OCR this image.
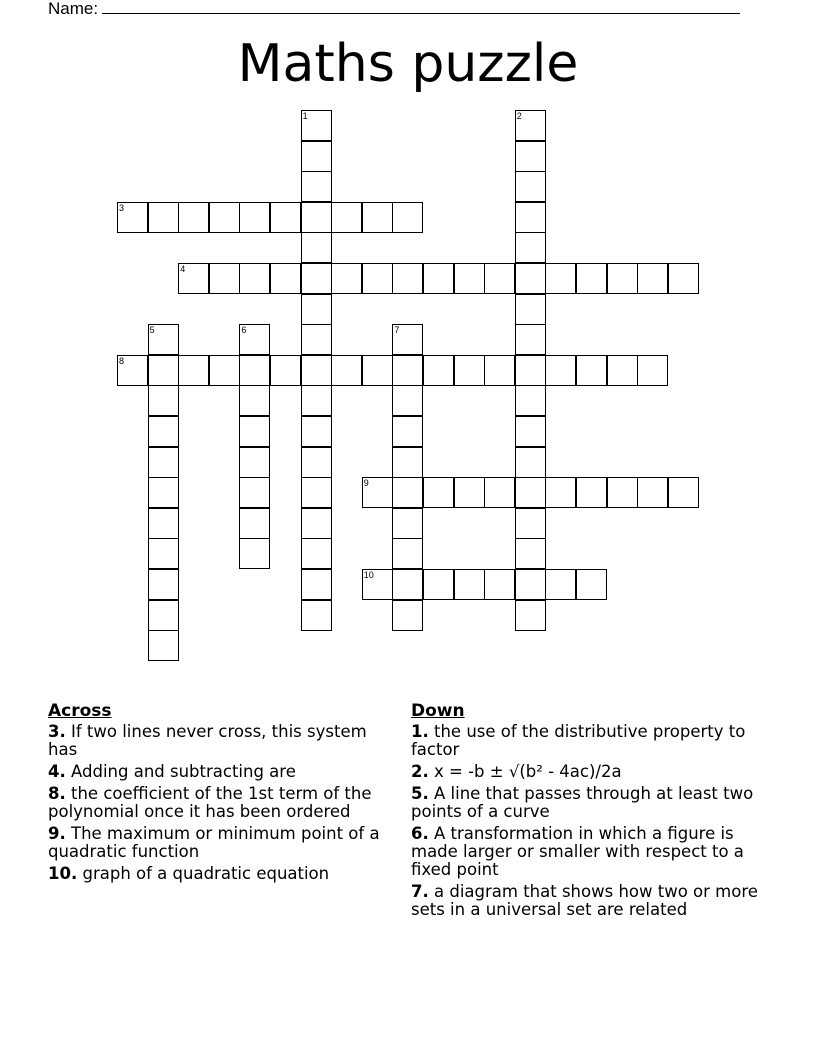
Name:
Maths puzzle
1	2
3
4
5	6	7
8
9
10
Across
3. If two lines never cross, this system has
4. Adding and subtracting are
8. the coefficient of the 1st term of the polynomial once it has been ordered
9. The maximum or minimum point of a quadratic function
10. graph of a quadratic equation
Down
1. the use of the distributive property to factor
2. x = -b ± √(b² - 4ac)/2a
5. A line that passes through at least two points of a curve
6. A transformation in which a figure is made larger or smaller with respect to a fixed point
7. a diagram that shows how two or more sets in a universal set are related
